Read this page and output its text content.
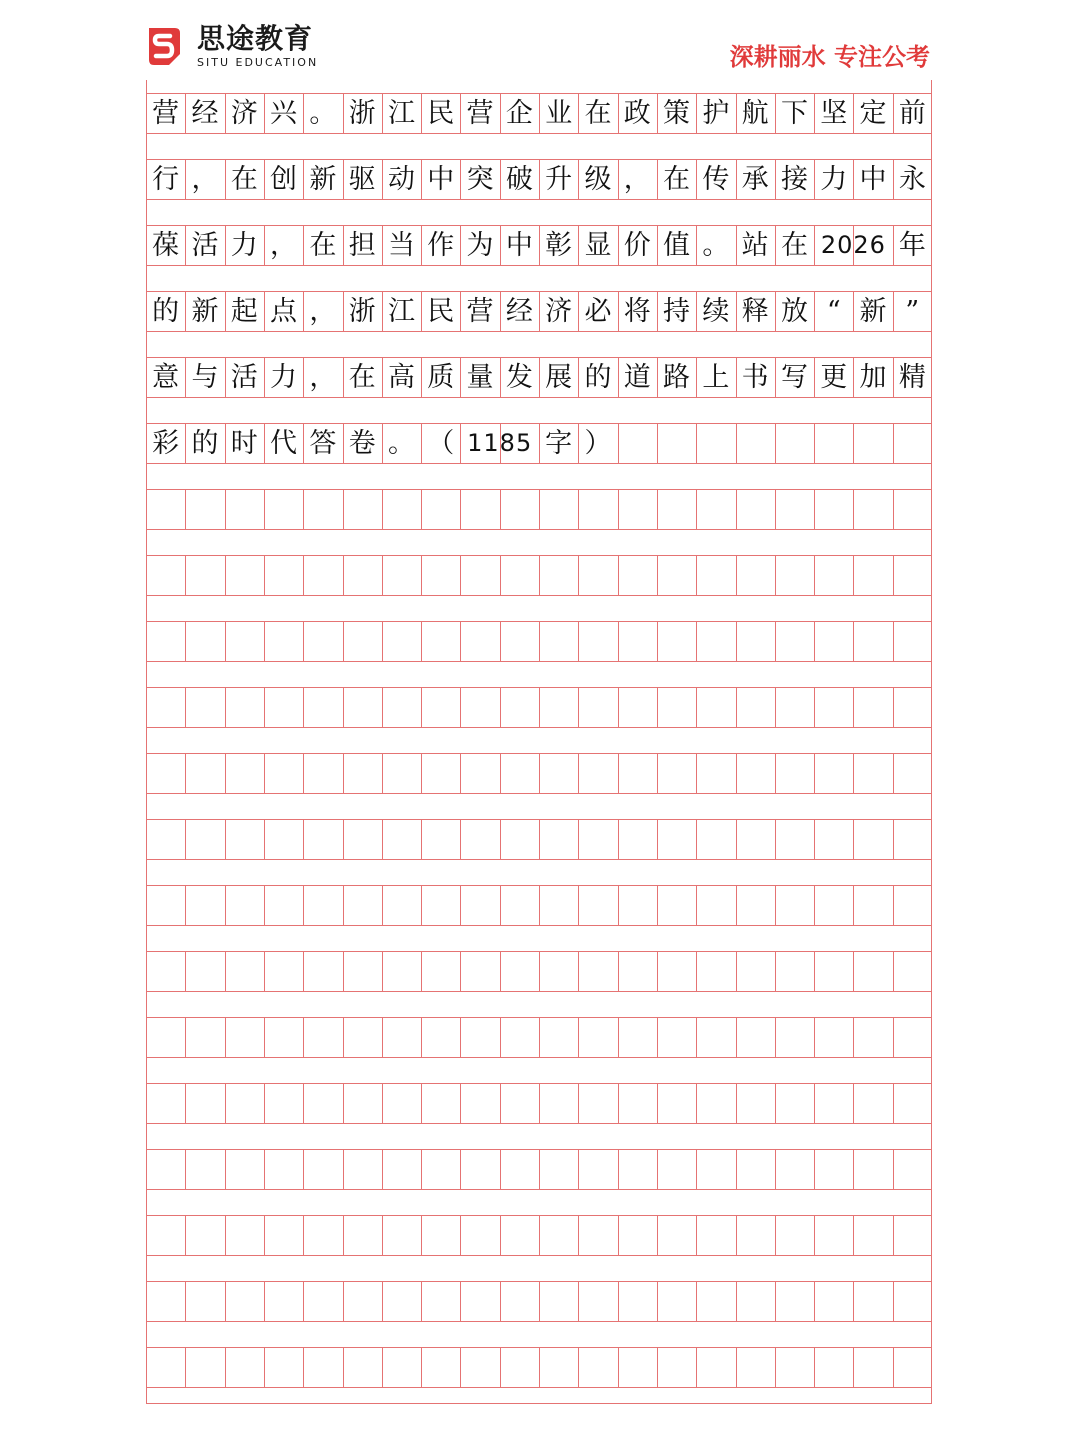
思途教育
SITU EDUCATION	深耕丽水 专注公考
营 经 济 兴 。 浙 江 民 营 企 业 在 政 策 护 航 下 坚 定 前
行 ， 在 创 新 驱 动 中 突 破 升 级 ， 在 传 承 接 力 中 永
葆 活 力 ， 在 担 当 作 为 中 彰 显 价 值 。 站 在 2026 年
的 新 起 点 ， 浙 江 民 营 经 济 必 将 持 续 释 放 “ 新 ”
意 与 活 力 ， 在 高 质 量 发 展 的 道 路 上 书 写 更 加 精
彩 的 时 代 答 卷 。 （ 1185 字 ）
